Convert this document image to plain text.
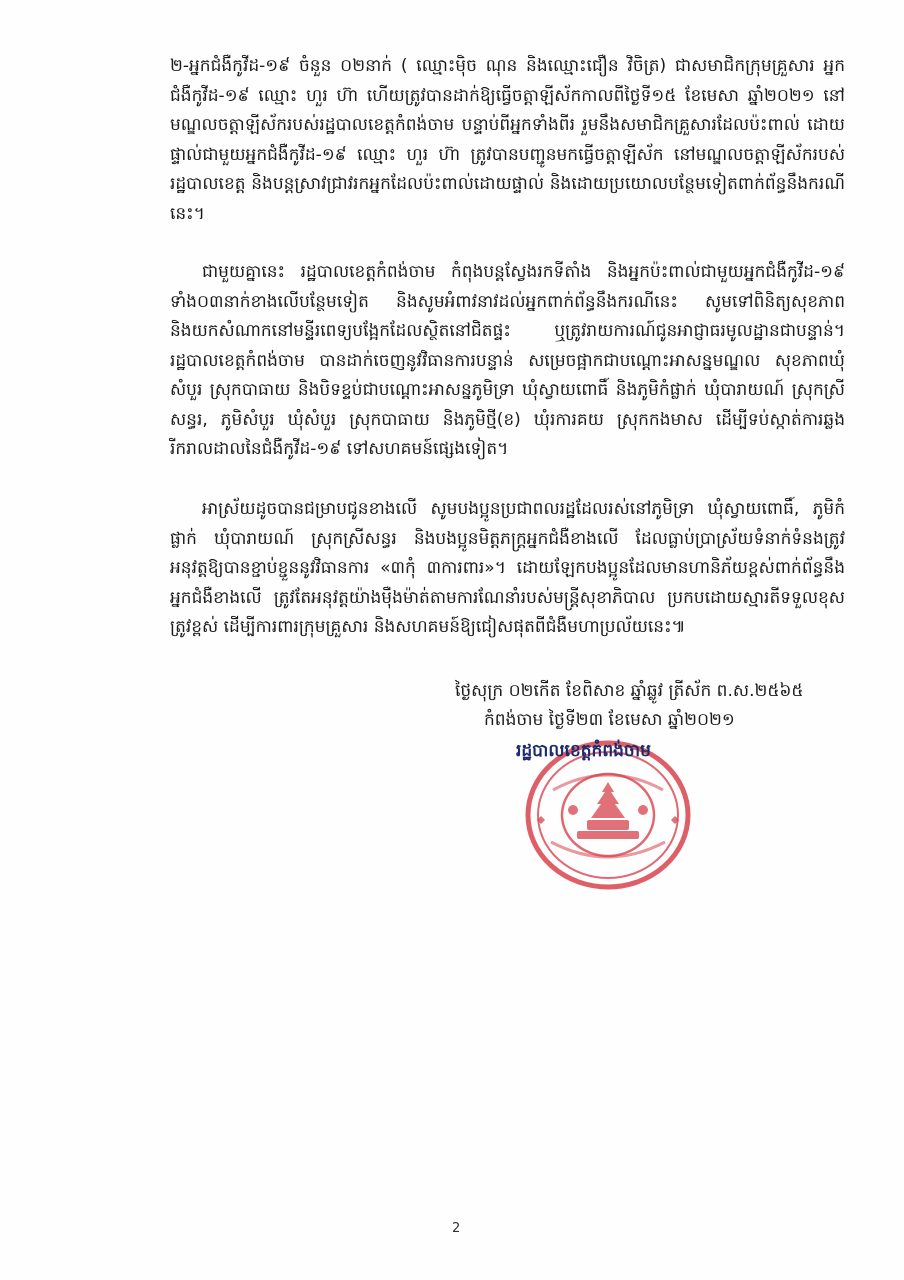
២-អ្នកជំងឺកូវីដ-១៩ ចំនួន ០២នាក់ ( ឈ្មោះម៉ិច ណុន និងឈ្មោះជឿន វិចិត្រ) ជាសមាជិកក្រុមគ្រួសារ អ្នកជំងឺកូវីដ-១៩ ឈ្មោះ ហួរ ហ៊ា ហើយត្រូវបានដាក់ឱ្យធ្វើចត្តាឡីស័កកាលពីថ្ងៃទី១៥ ខែមេសា ឆ្នាំ២០២១ នៅមណ្ឌលចត្តាឡីស័ករបស់រដ្ឋបាលខេត្តកំពង់ចាម បន្ទាប់ពីអ្នកទាំងពីរ រួមនឹងសមាជិកគ្រួសារដែលប៉ះពាល់ ដោយផ្ទាល់ជាមួយអ្នកជំងឺកូវីដ-១៩ ឈ្មោះ ហួរ ហ៊ា ត្រូវបានបញ្ជូនមកធ្វើចត្តាឡីស័ក នៅមណ្ឌលចត្តាឡីស័ករបស់រដ្ឋបាលខេត្ត និងបន្តស្រាវជ្រាវរកអ្នកដែលប៉ះពាល់ដោយផ្ទាល់ និងដោយប្រយោលបន្ថែមទៀតពាក់ព័ន្ធនឹងករណីនេះ។

ជាមួយគ្នានេះ រដ្ឋបាលខេត្តកំពង់ចាម កំពុងបន្តស្វែងរកទីតាំង និងអ្នកប៉ះពាល់ជាមួយអ្នកជំងឺកូវីដ-១៩ ទាំង០៣នាក់ខាងលើបន្ថែមទៀត និងសូមអំពាវនាវដល់អ្នកពាក់ព័ន្ធនឹងករណីនេះ សូមទៅពិនិត្យសុខភាព និងយកសំណាកនៅមន្ទីរពេទ្យបង្អែកដែលស្ថិតនៅជិតផ្ទះ ឬត្រូវរាយការណ៍ជូនអាជ្ញាធរមូលដ្ឋានជាបន្ទាន់។ រដ្ឋបាលខេត្តកំពង់ចាម បានដាក់ចេញនូវវិធានការបន្ទាន់ សម្រេចផ្អាកជាបណ្តោះអាសន្នមណ្ឌល សុខភាពឃុំសំបួរ ស្រុកបាធាយ និងបិទខ្ទប់ជាបណ្តោះអាសន្នភូមិទ្រា ឃុំស្វាយពោធិ៍ និងភូមិកំផ្លាក់ ឃុំបារាយណ៍ ស្រុកស្រីសន្ធរ, ភូមិសំបួរ ឃុំសំបួរ ស្រុកបាធាយ និងភូមិថ្មី(ខ) ឃុំរការគយ ស្រុកកងមាស ដើម្បីទប់ស្កាត់ការឆ្លងរីករាលដាលនៃជំងឺកូវីដ-១៩ ទៅសហគមន៍ផ្សេងទៀត។

អាស្រ័យដូចបានជម្រាបជូនខាងលើ សូមបងប្អូនប្រជាពលរដ្ឋដែលរស់នៅភូមិទ្រា ឃុំស្វាយពោធិ៍, ភូមិកំផ្លាក់ ឃុំបារាយណ៍ ស្រុកស្រីសន្ធរ និងបងប្អូនមិត្តភក្ត្រអ្នកជំងឺខាងលើ ដែលធ្លាប់ប្រាស្រ័យទំនាក់ទំនងត្រូវអនុវត្តឱ្យបានខ្ជាប់ខ្ជួននូវវិធានការ «៣កុំ ៣ការពារ»។ ដោយឡែកបងប្អូនដែលមានហានិភ័យខ្ពស់ពាក់ព័ន្ធនឹងអ្នកជំងឺខាងលើ ត្រូវតែអនុវត្តយ៉ាងម៉ឺងម៉ាត់តាមការណែនាំរបស់មន្ត្រីសុខាភិបាល ប្រកបដោយស្មារតីទទួលខុសត្រូវខ្ពស់ ដើម្បីការពារក្រុមគ្រួសារ និងសហគមន៍ឱ្យជៀសផុតពីជំងឺមហាប្រល័យនេះ៕

ថ្ងៃសុក្រ ០២កើត ខែពិសាខ ឆ្នាំឆ្លូវ ត្រីស័ក ព.ស.២៥៦៥
កំពង់ចាម ថ្ងៃទី២៣ ខែមេសា ឆ្នាំ២០២១
រដ្ឋបាលខេត្តកំពង់ចាម
2
